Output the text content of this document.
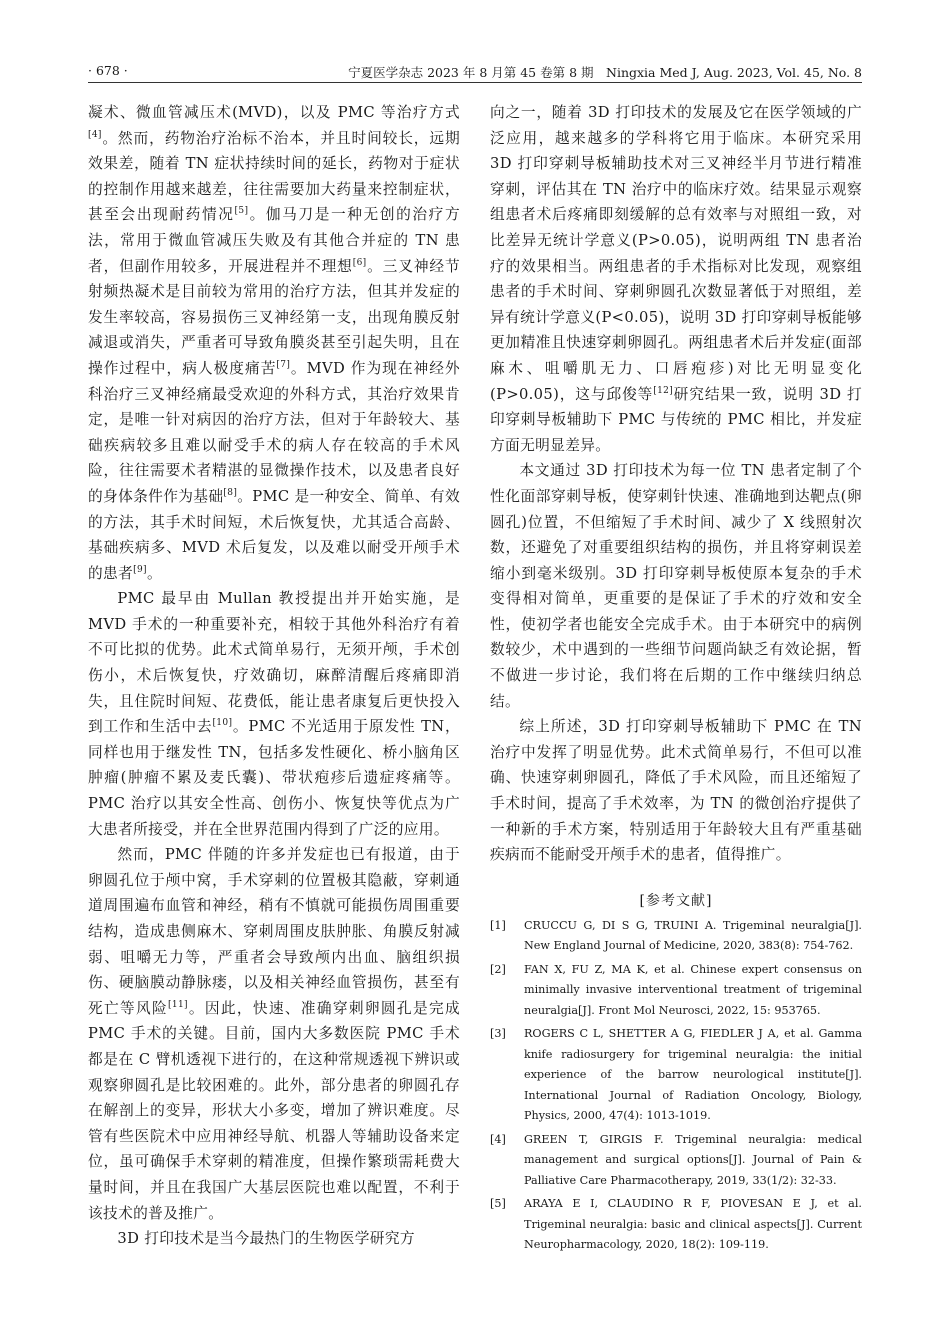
· 678 ·	宁夏医学杂志 2023 年 8 月第 45 卷第 8 期　Ningxia Med J, Aug. 2023, Vol. 45, No. 8

凝术、微血管减压术(MVD)，以及 PMC 等治疗方式[4]。然而，药物治疗治标不治本，并且时间较长，远期效果差，随着 TN 症状持续时间的延长，药物对于症状的控制作用越来越差，往往需要加大药量来控制症状，甚至会出现耐药情况[5]。伽马刀是一种无创的治疗方法，常用于微血管减压失败及有其他合并症的 TN 患者，但副作用较多，开展进程并不理想[6]。三叉神经节射频热凝术是目前较为常用的治疗方法，但其并发症的发生率较高，容易损伤三叉神经第一支，出现角膜反射减退或消失，严重者可导致角膜炎甚至引起失明，且在操作过程中，病人极度痛苦[7]。MVD 作为现在神经外科治疗三叉神经痛最受欢迎的外科方式，其治疗效果肯定，是唯一针对病因的治疗方法，但对于年龄较大、基础疾病较多且难以耐受手术的病人存在较高的手术风险，往往需要术者精湛的显微操作技术，以及患者良好的身体条件作为基础[8]。PMC 是一种安全、简单、有效的方法，其手术时间短，术后恢复快，尤其适合高龄、基础疾病多、MVD 术后复发，以及难以耐受开颅手术的患者[9]。

PMC 最早由 Mullan 教授提出并开始实施，是 MVD 手术的一种重要补充，相较于其他外科治疗有着不可比拟的优势。此术式简单易行，无须开颅，手术创伤小，术后恢复快，疗效确切，麻醉清醒后疼痛即消失，且住院时间短、花费低，能让患者康复后更快投入到工作和生活中去[10]。PMC 不光适用于原发性 TN，同样也用于继发性 TN，包括多发性硬化、桥小脑角区肿瘤(肿瘤不累及麦氏囊)、带状疱疹后遗症疼痛等。PMC 治疗以其安全性高、创伤小、恢复快等优点为广大患者所接受，并在全世界范围内得到了广泛的应用。

然而，PMC 伴随的许多并发症也已有报道，由于卵圆孔位于颅中窝，手术穿刺的位置极其隐蔽，穿刺通道周围遍布血管和神经，稍有不慎就可能损伤周围重要结构，造成患侧麻木、穿刺周围皮肤肿胀、角膜反射减弱、咀嚼无力等，严重者会导致颅内出血、脑组织损伤、硬脑膜动静脉瘘，以及相关神经血管损伤，甚至有死亡等风险[11]。因此，快速、准确穿刺卵圆孔是完成 PMC 手术的关键。目前，国内大多数医院 PMC 手术都是在 C 臂机透视下进行的，在这种常规透视下辨识或观察卵圆孔是比较困难的。此外，部分患者的卵圆孔存在解剖上的变异，形状大小多变，增加了辨识难度。尽管有些医院术中应用神经导航、机器人等辅助设备来定位，虽可确保手术穿刺的精准度，但操作繁琐需耗费大量时间，并且在我国广大基层医院也难以配置，不利于该技术的普及推广。

3D 打印技术是当今最热门的生物医学研究方

向之一，随着 3D 打印技术的发展及它在医学领域的广泛应用，越来越多的学科将它用于临床。本研究采用 3D 打印穿刺导板辅助技术对三叉神经半月节进行精准穿刺，评估其在 TN 治疗中的临床疗效。结果显示观察组患者术后疼痛即刻缓解的总有效率与对照组一致，对比差异无统计学意义(P>0.05)，说明两组 TN 患者治疗的效果相当。两组患者的手术指标对比发现，观察组患者的手术时间、穿刺卵圆孔次数显著低于对照组，差异有统计学意义(P<0.05)，说明 3D 打印穿刺导板能够更加精准且快速穿刺卵圆孔。两组患者术后并发症(面部麻木、咀嚼肌无力、口唇疱疹)对比无明显变化(P>0.05)，这与邱俊等[12]研究结果一致，说明 3D 打印穿刺导板辅助下 PMC 与传统的 PMC 相比，并发症方面无明显差异。

本文通过 3D 打印技术为每一位 TN 患者定制了个性化面部穿刺导板，使穿刺针快速、准确地到达靶点(卵圆孔)位置，不但缩短了手术时间、减少了 X 线照射次数，还避免了对重要组织结构的损伤，并且将穿刺误差缩小到毫米级别。3D 打印穿刺导板使原本复杂的手术变得相对简单，更重要的是保证了手术的疗效和安全性，使初学者也能安全完成手术。由于本研究中的病例数较少，术中遇到的一些细节问题尚缺乏有效论据，暂不做进一步讨论，我们将在后期的工作中继续归纳总结。

综上所述，3D 打印穿刺导板辅助下 PMC 在 TN 治疗中发挥了明显优势。此术式简单易行，不但可以准确、快速穿刺卵圆孔，降低了手术风险，而且还缩短了手术时间，提高了手术效率，为 TN 的微创治疗提供了一种新的手术方案，特别适用于年龄较大且有严重基础疾病而不能耐受开颅手术的患者，值得推广。

[参考文献]
[1]	CRUCCU G, DI S G, TRUINI A. Trigeminal neuralgia[J]. New England Journal of Medicine, 2020, 383(8): 754-762.
[2]	FAN X, FU Z, MA K, et al. Chinese expert consensus on minimally invasive interventional treatment of trigeminal neuralgia[J]. Front Mol Neurosci, 2022, 15: 953765.
[3]	ROGERS C L, SHETTER A G, FIEDLER J A, et al. Gamma knife radiosurgery for trigeminal neuralgia: the initial experience of the barrow neurological institute[J]. International Journal of Radiation Oncology, Biology, Physics, 2000, 47(4): 1013-1019.
[4]	GREEN T, GIRGIS F. Trigeminal neuralgia: medical management and surgical options[J]. Journal of Pain & Palliative Care Pharmacotherapy, 2019, 33(1/2): 32-33.
[5]	ARAYA E I, CLAUDINO R F, PIOVESAN E J, et al. Trigeminal neuralgia: basic and clinical aspects[J]. Current Neuropharmacology, 2020, 18(2): 109-119.
